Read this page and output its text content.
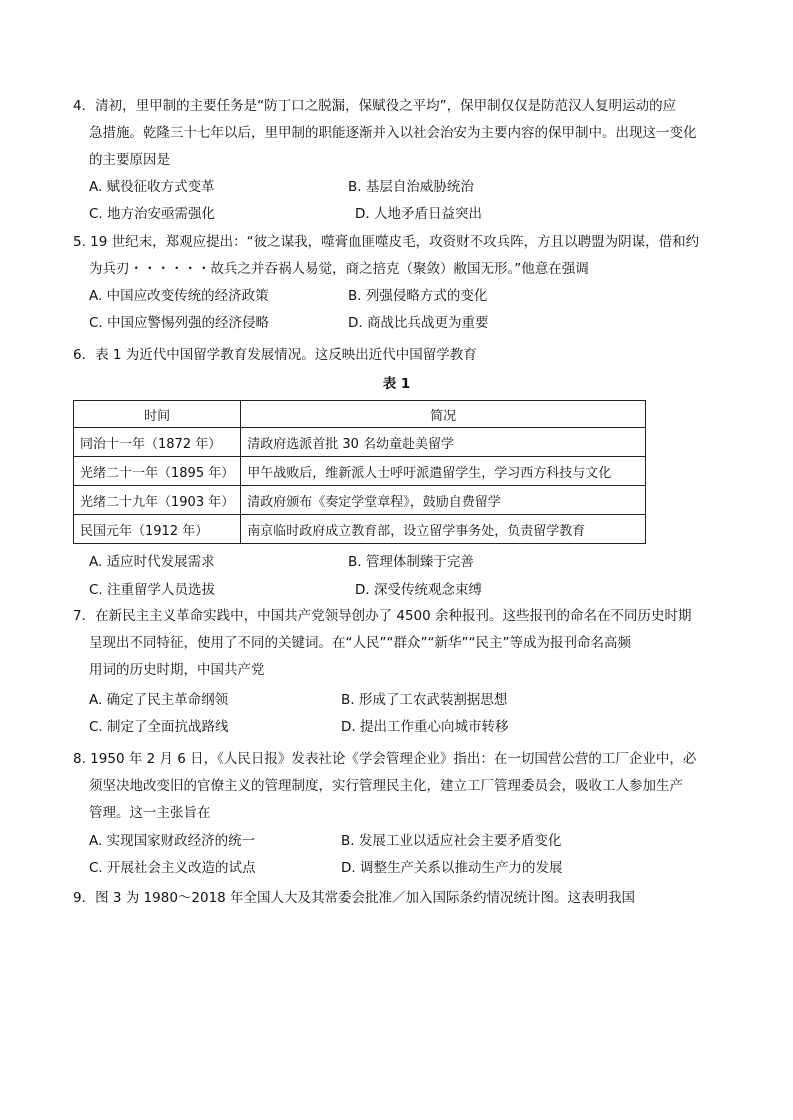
4．清初，里甲制的主要任务是“防丁口之脱漏，保赋役之平均”，保甲制仅仅是防范汉人复明运动的应
急措施。乾隆三十七年以后，里甲制的职能逐渐并入以社会治安为主要内容的保甲制中。出现这一变化
的主要原因是
A. 赋役征收方式变革	B. 基层自治威胁统治
C. 地方治安亟需强化	D. 人地矛盾日益突出
5. 19 世纪末，郑观应提出：“彼之谋我，噬膏血匪噬皮毛，攻资财不攻兵阵，方且以聘盟为阴谋，借和约
为兵刃・・・・・・故兵之并吞祸人易觉，商之掊克（聚敛）敝国无形。”他意在强调
A. 中国应改变传统的经济政策	B. 列强侵略方式的变化
C. 中国应警惕列强的经济侵略	D. 商战比兵战更为重要
6．表 1 为近代中国留学教育发展情况。这反映出近代中国留学教育
表 1
时间	简况
同治十一年（1872 年）	清政府选派首批 30 名幼童赴美留学
光绪二十一年（1895 年）	甲午战败后，维新派人士呼吁派遣留学生，学习西方科技与文化
光绪二十九年（1903 年）	清政府颁布《奏定学堂章程》，鼓励自费留学
民国元年（1912 年）	南京临时政府成立教育部，设立留学事务处，负责留学教育
A. 适应时代发展需求	B. 管理体制臻于完善
C. 注重留学人员选拔	D. 深受传统观念束缚
7．在新民主主义革命实践中，中国共产党领导创办了 4500 余种报刊。这些报刊的命名在不同历史时期
呈现出不同特征，使用了不同的关键词。在“人民”“群众”“新华”“民主”等成为报刊命名高频
用词的历史时期，中国共产党
A. 确定了民主革命纲领	B. 形成了工农武装割据思想
C. 制定了全面抗战路线	D. 提出工作重心向城市转移
8. 1950 年 2 月 6 日，《人民日报》发表社论《学会管理企业》指出：在一切国营公营的工厂企业中，必
须坚决地改变旧的官僚主义的管理制度，实行管理民主化，建立工厂管理委员会，吸收工人参加生产
管理。这一主张旨在
A. 实现国家财政经济的统一	B. 发展工业以适应社会主要矛盾变化
C. 开展社会主义改造的试点	D. 调整生产关系以推动生产力的发展
9．图 3 为 1980～2018 年全国人大及其常委会批准／加入国际条约情况统计图。这表明我国
